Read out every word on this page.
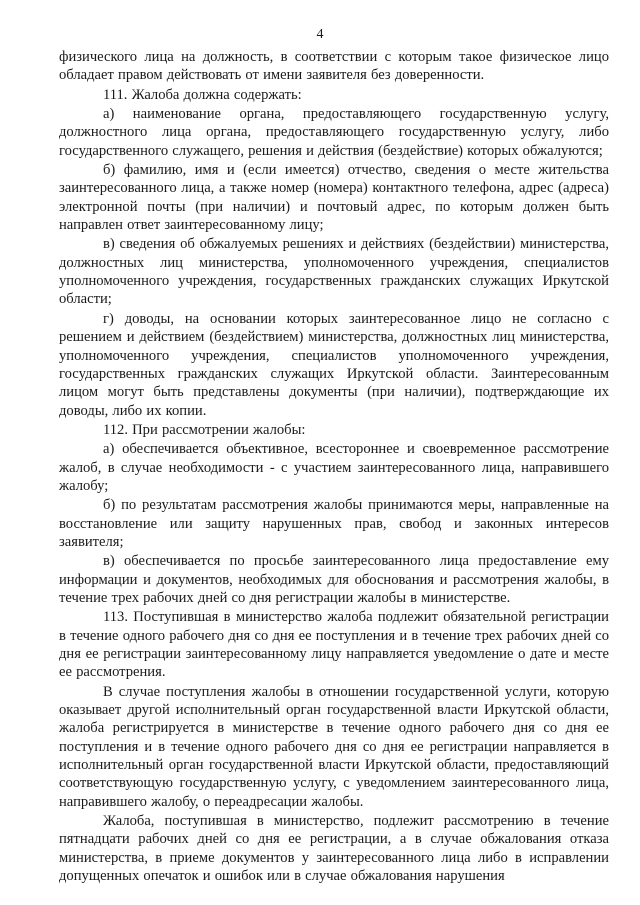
4

физического лица на должность, в соответствии с которым такое физическое лицо обладает правом действовать от имени заявителя без доверенности.

111. Жалоба должна содержать:

а) наименование органа, предоставляющего государственную услугу, должностного лица органа, предоставляющего государственную услугу, либо государственного служащего, решения и действия (бездействие) которых обжалуются;

б) фамилию, имя и (если имеется) отчество, сведения о месте жительства заинтересованного лица, а также номер (номера) контактного телефона, адрес (адреса) электронной почты (при наличии) и почтовый адрес, по которым должен быть направлен ответ заинтересованному лицу;

в) сведения об обжалуемых решениях и действиях (бездействии) министерства, должностных лиц министерства, уполномоченного учреждения, специалистов уполномоченного учреждения, государственных гражданских служащих Иркутской области;

г) доводы, на основании которых заинтересованное лицо не согласно с решением и действием (бездействием) министерства, должностных лиц министерства, уполномоченного учреждения, специалистов уполномоченного учреждения, государственных гражданских служащих Иркутской области. Заинтересованным лицом могут быть представлены документы (при наличии), подтверждающие их доводы, либо их копии.

112. При рассмотрении жалобы:

а) обеспечивается объективное, всестороннее и своевременное рассмотрение жалоб, в случае необходимости - с участием заинтересованного лица, направившего жалобу;

б) по результатам рассмотрения жалобы принимаются меры, направленные на восстановление или защиту нарушенных прав, свобод и законных интересов заявителя;

в) обеспечивается по просьбе заинтересованного лица предоставление ему информации и документов, необходимых для обоснования и рассмотрения жалобы, в течение трех рабочих дней со дня регистрации жалобы в министерстве.

113. Поступившая в министерство жалоба подлежит обязательной регистрации в течение одного рабочего дня со дня ее поступления и в течение трех рабочих дней со дня ее регистрации заинтересованному лицу направляется уведомление о дате и месте ее рассмотрения.

В случае поступления жалобы в отношении государственной услуги, которую оказывает другой исполнительный орган государственной власти Иркутской области, жалоба регистрируется в министерстве в течение одного рабочего дня со дня ее поступления и в течение одного рабочего дня со дня ее регистрации направляется в исполнительный орган государственной власти Иркутской области, предоставляющий соответствующую государственную услугу, с уведомлением заинтересованного лица, направившего жалобу, о переадресации жалобы.

Жалоба, поступившая в министерство, подлежит рассмотрению в течение пятнадцати рабочих дней со дня ее регистрации, а в случае обжалования отказа министерства, в приеме документов у заинтересованного лица либо в исправлении допущенных опечаток и ошибок или в случае обжалования нарушения
